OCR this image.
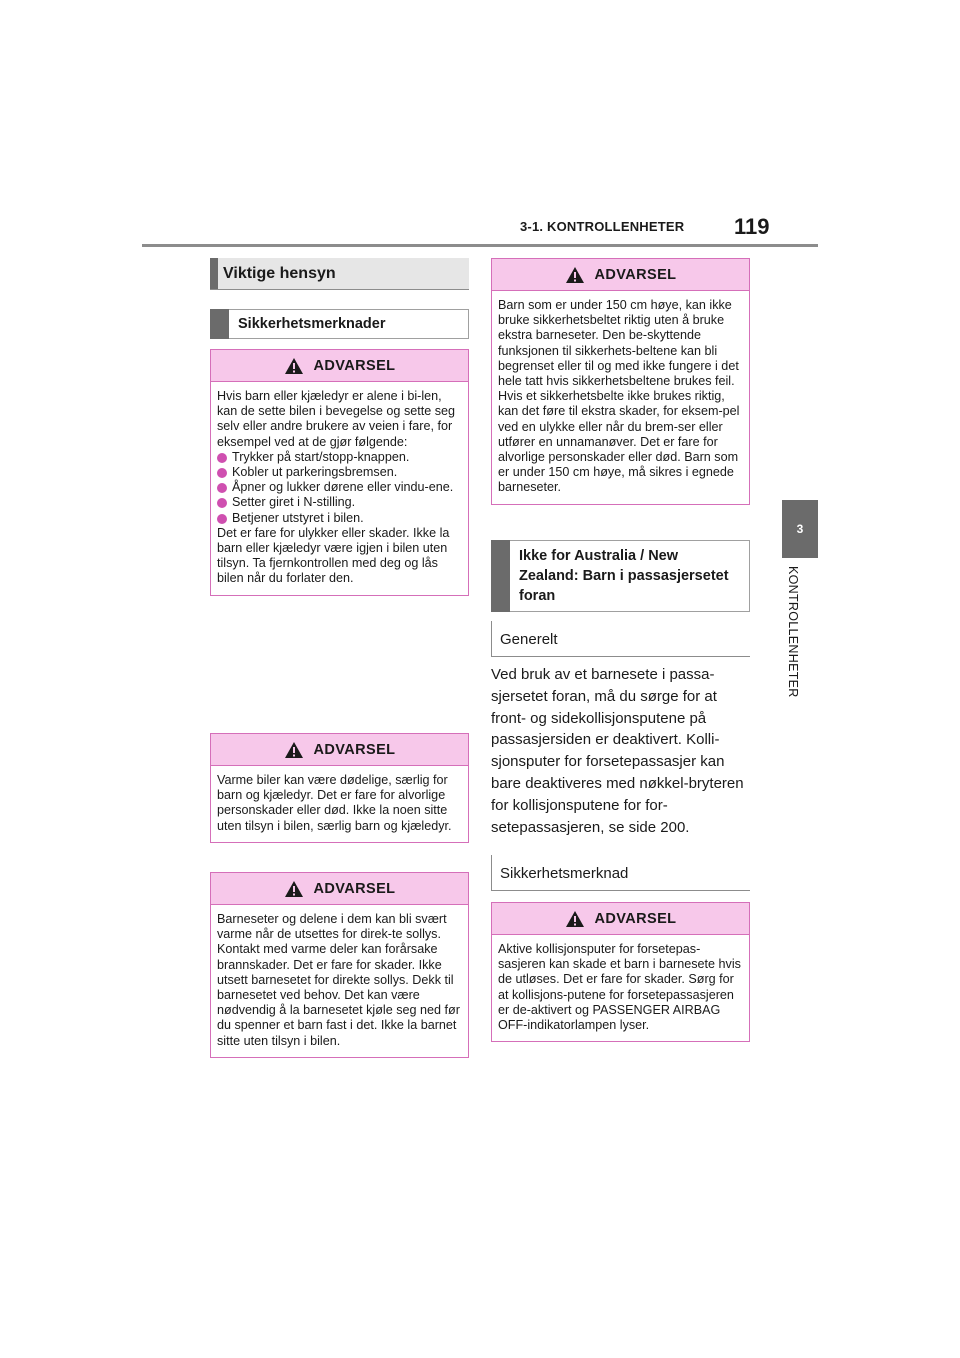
3-1. KONTROLLENHETER 119
3
KONTROLLENHETER
Viktige hensyn
Sikkerhetsmerknader
ADVARSEL

Hvis barn eller kjæledyr er alene i bi-len, kan de sette bilen i bevegelse og sette seg selv eller andre brukere av veien i fare, for eksempel ved at de gjør følgende:

Trykker på start/stopp-knappen.

Kobler ut parkeringsbremsen.

Åpner og lukker dørene eller vindu-ene.

Setter giret i N-stilling.

Betjener utstyret i bilen.

Det er fare for ulykker eller skader. Ikke la barn eller kjæledyr være igjen i bilen uten tilsyn. Ta fjernkontrollen med deg og lås bilen når du forlater den.

ADVARSEL

Varme biler kan være dødelige, særlig for barn og kjæledyr. Det er fare for alvorlige personskader eller død. Ikke la noen sitte uten tilsyn i bilen, særlig barn og kjæledyr.

ADVARSEL

Barneseter og delene i dem kan bli svært varme når de utsettes for direk-te sollys. Kontakt med varme deler kan forårsake brannskader. Det er fare for skader. Ikke utsett barnesetet for direkte sollys. Dekk til barnesetet ved behov. Det kan være nødvendig å la barnesetet kjøle seg ned før du spenner et barn fast i det. Ikke la barnet sitte uten tilsyn i bilen.

ADVARSEL

Barn som er under 150 cm høye, kan ikke bruke sikkerhetsbeltet riktig uten å bruke ekstra barneseter. Den be-skyttende funksjonen til sikkerhets-beltene kan bli begrenset eller til og med ikke fungere i det hele tatt hvis sikkerhetsbeltene brukes feil. Hvis et sikkerhetsbelte ikke brukes riktig, kan det føre til ekstra skader, for eksem-pel ved en ulykke eller når du brem-ser eller utfører en unnamanøver. Det er fare for alvorlige personskader eller død. Barn som er under 150 cm høye, må sikres i egnede barneseter.

Ikke for Australia / New Zealand: Barn i passasjersetet foran
Generelt
Ved bruk av et barnesete i passa-sjersetet foran, må du sørge for at front- og sidekollisjonsputene på passasjersiden er deaktivert. Kolli-sjonsputer for forsetepassasjer kan bare deaktiveres med nøkkel-bryteren for kollisjonsputene for for-setepassasjeren, se side 200.
Sikkerhetsmerknad
ADVARSEL

Aktive kollisjonsputer for forsetepas-sasjeren kan skade et barn i barnesete hvis de utløses. Det er fare for skader. Sørg for at kollisjons-putene for forsetepassasjeren er de-aktivert og PASSENGER AIRBAG OFF-indikatorlampen lyser.
